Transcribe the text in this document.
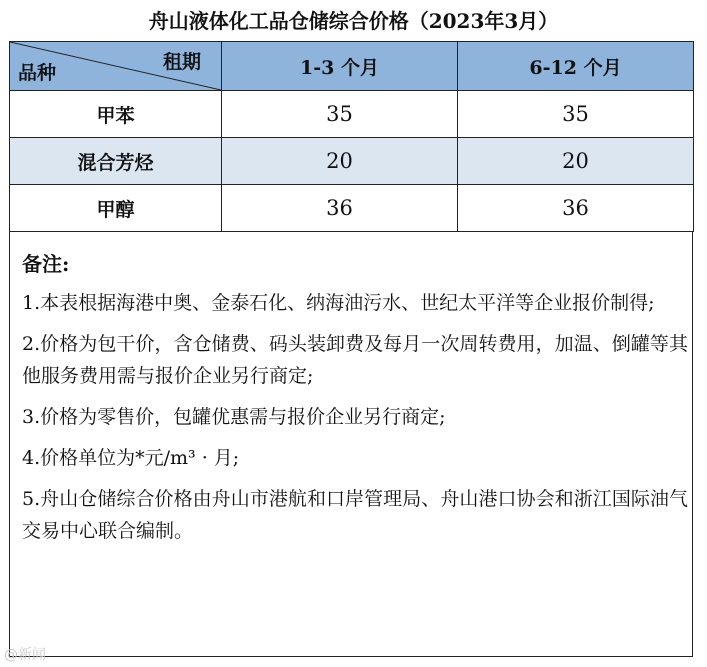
舟山液体化工品仓储综合价格（2023年3月）
租期
品种	1-3 个月	6-12 个月
甲苯	35	35
混合芳烃	20	20
甲醇	36	36
备注:
1.本表根据海港中奥、金泰石化、纳海油污水、世纪太平洋等企业报价制得;
2.价格为包干价，含仓储费、码头装卸费及每月一次周转费用，加温、倒罐等其他服务费用需与报价企业另行商定;
3.价格为零售价，包罐优惠需与报价企业另行商定;
4.价格单位为*元/m³ · 月;
5.舟山仓储综合价格由舟山市港航和口岸管理局、舟山港口协会和浙江国际油气交易中心联合编制。
@新闻
